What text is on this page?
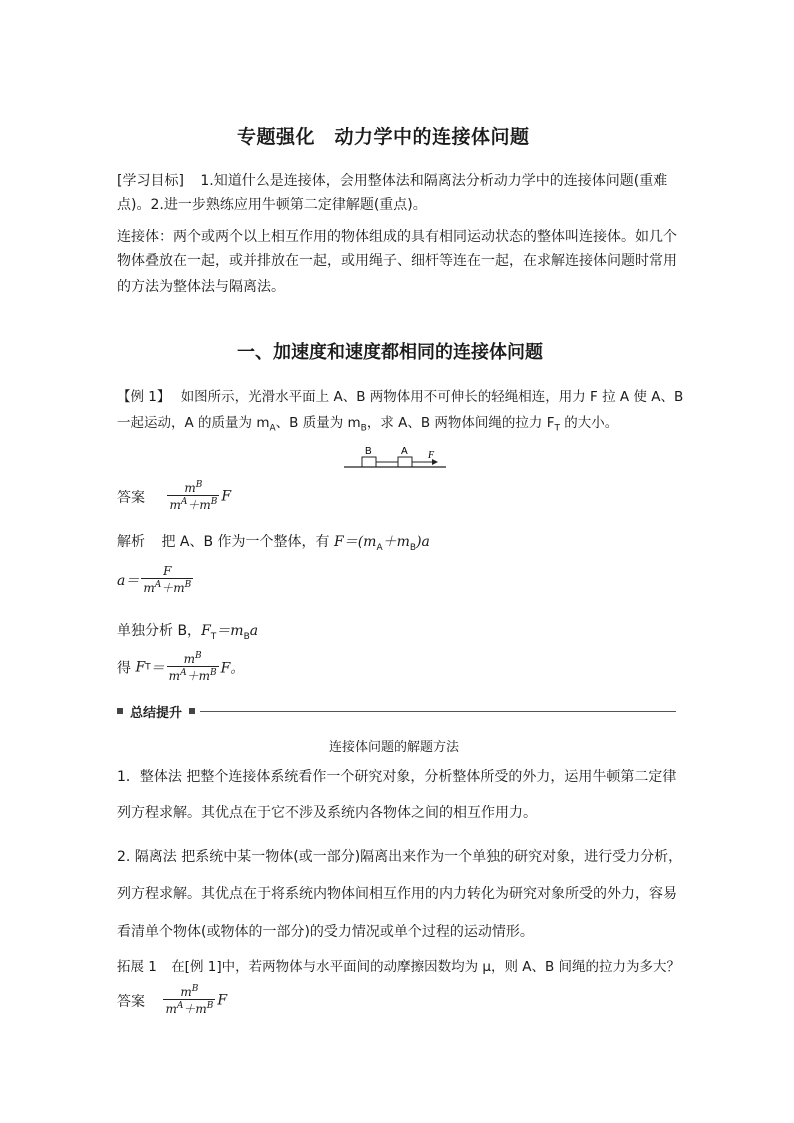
专题强化　动力学中的连接体问题
[学习目标] 1.知道什么是连接体，会用整体法和隔离法分析动力学中的连接体问题(重难
点)。2.进一步熟练应用牛顿第二定律解题(重点)。
连接体：两个或两个以上相互作用的物体组成的具有相同运动状态的整体叫连接体。如几个
物体叠放在一起，或并排放在一起，或用绳子、细杆等连在一起，在求解连接体问题时常用
的方法为整体法与隔离法。
一、加速度和速度都相同的连接体问题
【例 1】 如图所示，光滑水平面上 A、B 两物体用不可伸长的轻绳相连，用力 F 拉 A 使 A、B
一起运动，A 的质量为 $m_A$、B 质量为 $m_B$，求 A、B 两物体间绳的拉力 $F_T$ 的大小。
B	A F
答案 $\frac{m^B}{m^A+m^B}$ F
解析 把 A、B 作为一个整体，有 $F=(m_A+m_B)a$
$a= \frac{F}{m^A+m^B}$
单独分析 B，$F_T=m_Ba$
得 $FT= \frac{m^B}{m^A+m^B}$ F。
总结提升
连接体问题的解题方法
1．整体法 把整个连接体系统看作一个研究对象，分析整体所受的外力，运用牛顿第二定律
列方程求解。其优点在于它不涉及系统内各物体之间的相互作用力。
2. 隔离法 把系统中某一物体(或一部分)隔离出来作为一个单独的研究对象，进行受力分析，
列方程求解。其优点在于将系统内物体间相互作用的内力转化为研究对象所受的外力，容易
看清单个物体(或物体的一部分)的受力情况或单个过程的运动情形。
拓展 1 在[例 1]中，若两物体与水平面间的动摩擦因数均为 μ，则 A、B 间绳的拉力为多大？
答案 $\frac{m^B}{m^A+m^B}$ F
